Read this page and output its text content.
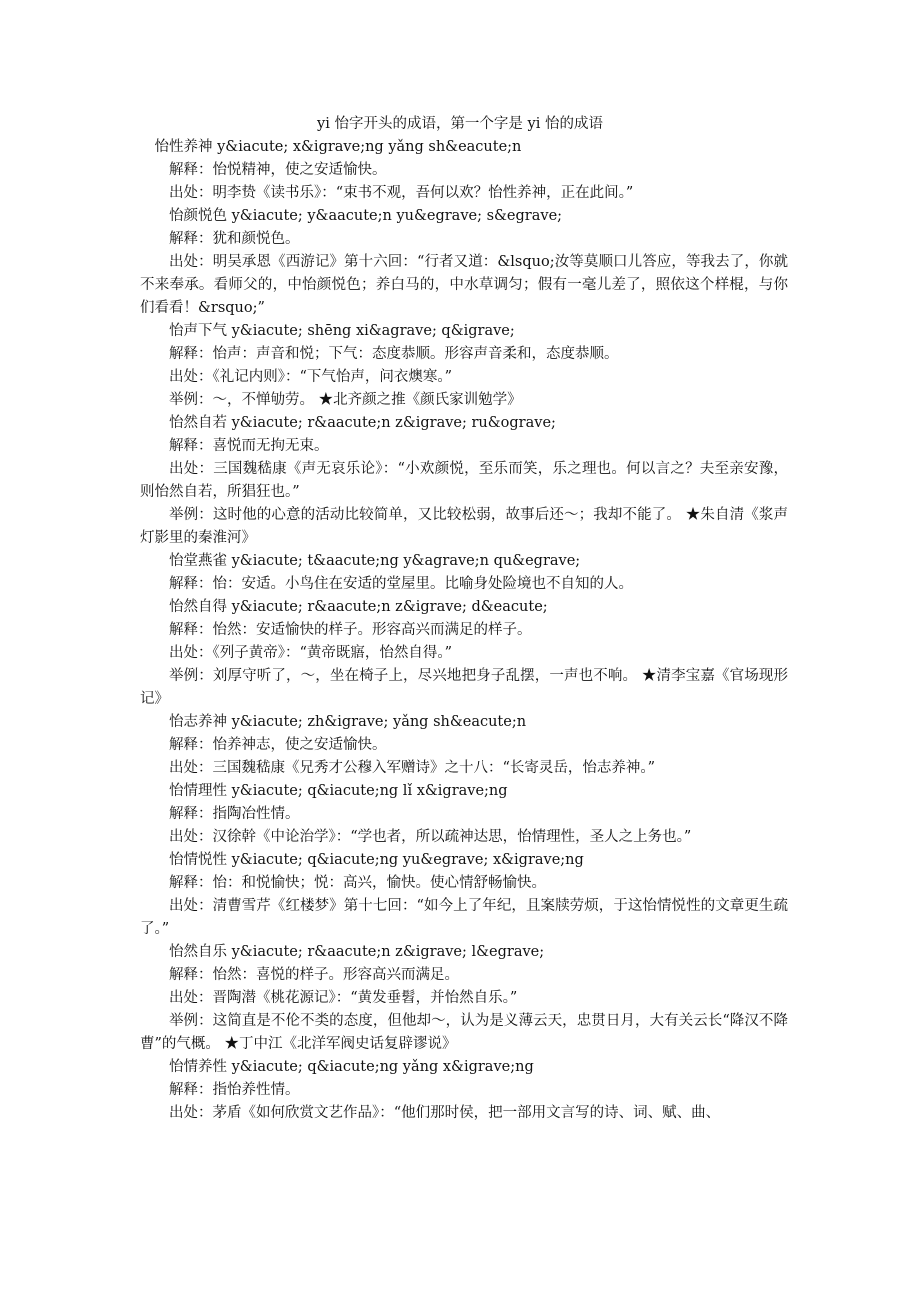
yi 怡字开头的成语，第一个字是 yi 怡的成语

怡性养神 y&iacute; x&igrave;ng yǎng sh&eacute;n

解释：怡悦精神，使之安适愉快。

出处：明李贽《读书乐》：“束书不观，吾何以欢？怡性养神，正在此间。”

怡颜悦色 y&iacute; y&aacute;n yu&egrave; s&egrave;

解释：犹和颜悦色。

出处：明吴承恩《西游记》第十六回：“行者又道：&lsquo;汝等莫顺口儿答应，等我去了，你就不来奉承。看师父的，中怡颜悦色；养白马的，中水草调匀；假有一毫儿差了，照依这个样棍，与你们看看！&rsquo;”

怡声下气 y&iacute; shēng xi&agrave; q&igrave;

解释：怡声：声音和悦；下气：态度恭顺。形容声音柔和，态度恭顺。

出处：《礼记内则》：“下气怡声，问衣燠寒。”

举例：～，不惮劬劳。 ★北齐颜之推《颜氏家训勉学》

怡然自若 y&iacute; r&aacute;n z&igrave; ru&ograve;

解释：喜悦而无拘无束。

出处：三国魏嵇康《声无哀乐论》：“小欢颜悦，至乐而笑，乐之理也。何以言之？夫至亲安豫，则怡然自若，所猖狂也。”

举例：这时他的心意的活动比较简单，又比较松弱，故事后还～；我却不能了。 ★朱自清《浆声灯影里的秦淮河》

怡堂燕雀 y&iacute; t&aacute;ng y&agrave;n qu&egrave;

解释：怡：安适。小鸟住在安适的堂屋里。比喻身处险境也不自知的人。

怡然自得 y&iacute; r&aacute;n z&igrave; d&eacute;

解释：怡然：安适愉快的样子。形容高兴而满足的样子。

出处：《列子黄帝》：“黄帝既寤，怡然自得。”

举例：刘厚守听了，～，坐在椅子上，尽兴地把身子乱摆，一声也不响。 ★清李宝嘉《官场现形记》

怡志养神 y&iacute; zh&igrave; yǎng sh&eacute;n

解释：怡养神志，使之安适愉快。

出处：三国魏嵇康《兄秀才公穆入军赠诗》之十八：“长寄灵岳，怡志养神。”

怡情理性 y&iacute; q&iacute;ng lǐ x&igrave;ng

解释：指陶冶性情。

出处：汉徐幹《中论治学》：“学也者，所以疏神达思，怡情理性，圣人之上务也。”

怡情悦性 y&iacute; q&iacute;ng yu&egrave; x&igrave;ng

解释：怡：和悦愉快；悦：高兴，愉快。使心情舒畅愉快。

出处：清曹雪芹《红楼梦》第十七回：“如今上了年纪，且案牍劳烦，于这怡情悦性的文章更生疏了。”

怡然自乐 y&iacute; r&aacute;n z&igrave; l&egrave;

解释：怡然：喜悦的样子。形容高兴而满足。

出处：晋陶潜《桃花源记》：“黄发垂髫，并怡然自乐。”

举例：这简直是不伦不类的态度，但他却～，认为是义薄云天，忠贯日月，大有关云长“降汉不降曹”的气概。 ★丁中江《北洋军阀史话复辟谬说》

怡情养性 y&iacute; q&iacute;ng yǎng x&igrave;ng

解释：指怡养性情。

出处：茅盾《如何欣赏文艺作品》：“他们那时侯，把一部用文言写的诗、词、赋、曲、
